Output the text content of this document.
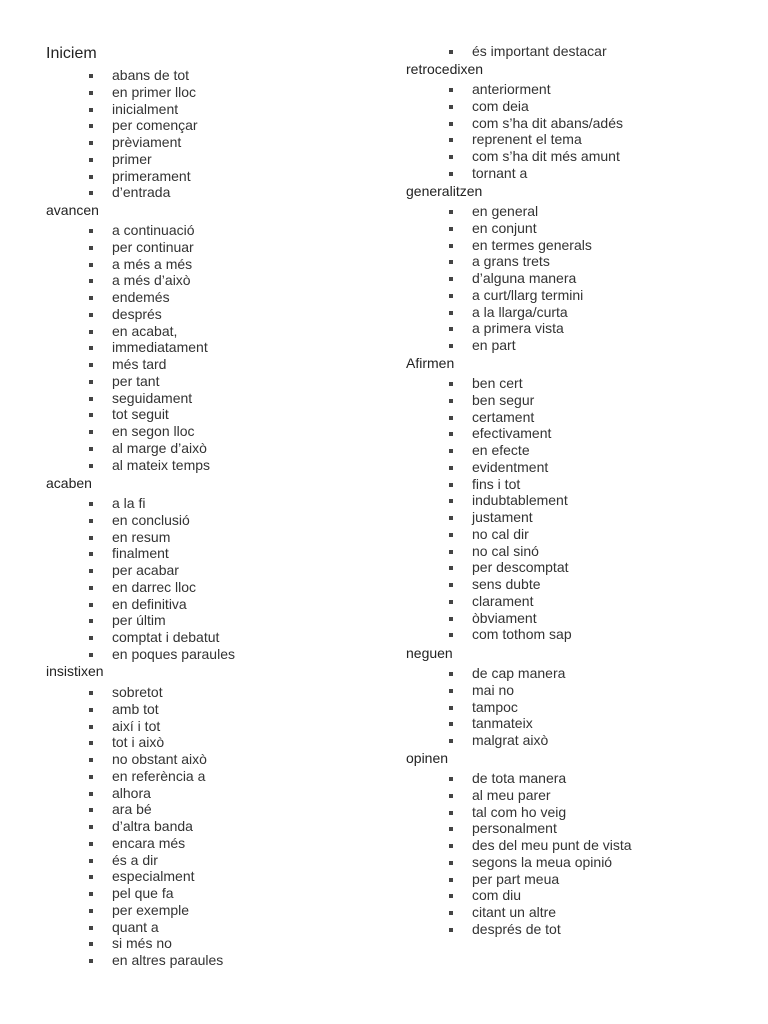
Iniciem
abans de tot
en primer lloc
inicialment
per començar
prèviament
primer
primerament
d’entrada
avancen
a continuació
per continuar
a més a més
a més d’això
endemés
després
en acabat,
immediatament
més tard
per tant
seguidament
tot seguit
en segon lloc
al marge d’això
al mateix temps
acaben
a la fi
en conclusió
en resum
finalment
per acabar
en darrec lloc
en definitiva
per últim
comptat i debatut
en poques paraules
insistixen
sobretot
amb tot
així i tot
tot i això
no obstant això
en referència a
alhora
ara bé
d’altra banda
encara més
és a dir
especialment
pel que fa
per exemple
quant a
si més no
en altres paraules
és important destacar
retrocedixen
anteriorment
com deia
com s’ha dit abans/adés
reprenent el tema
com s’ha dit més amunt
tornant a
generalitzen
en general
en conjunt
en termes generals
a grans trets
d’alguna manera
a curt/llarg termini
a la llarga/curta
a primera vista
en part
Afirmen
ben cert
ben segur
certament
efectivament
en efecte
evidentment
fins i tot
indubtablement
justament
no cal dir
no cal sinó
per descomptat
sens dubte
clarament
òbviament
com tothom sap
neguen
de cap manera
mai no
tampoc
tanmateix
malgrat això
opinen
de tota manera
al meu parer
tal com ho veig
personalment
des del meu punt de vista
segons la meua opinió
per part meua
com diu
citant un altre
després de tot
